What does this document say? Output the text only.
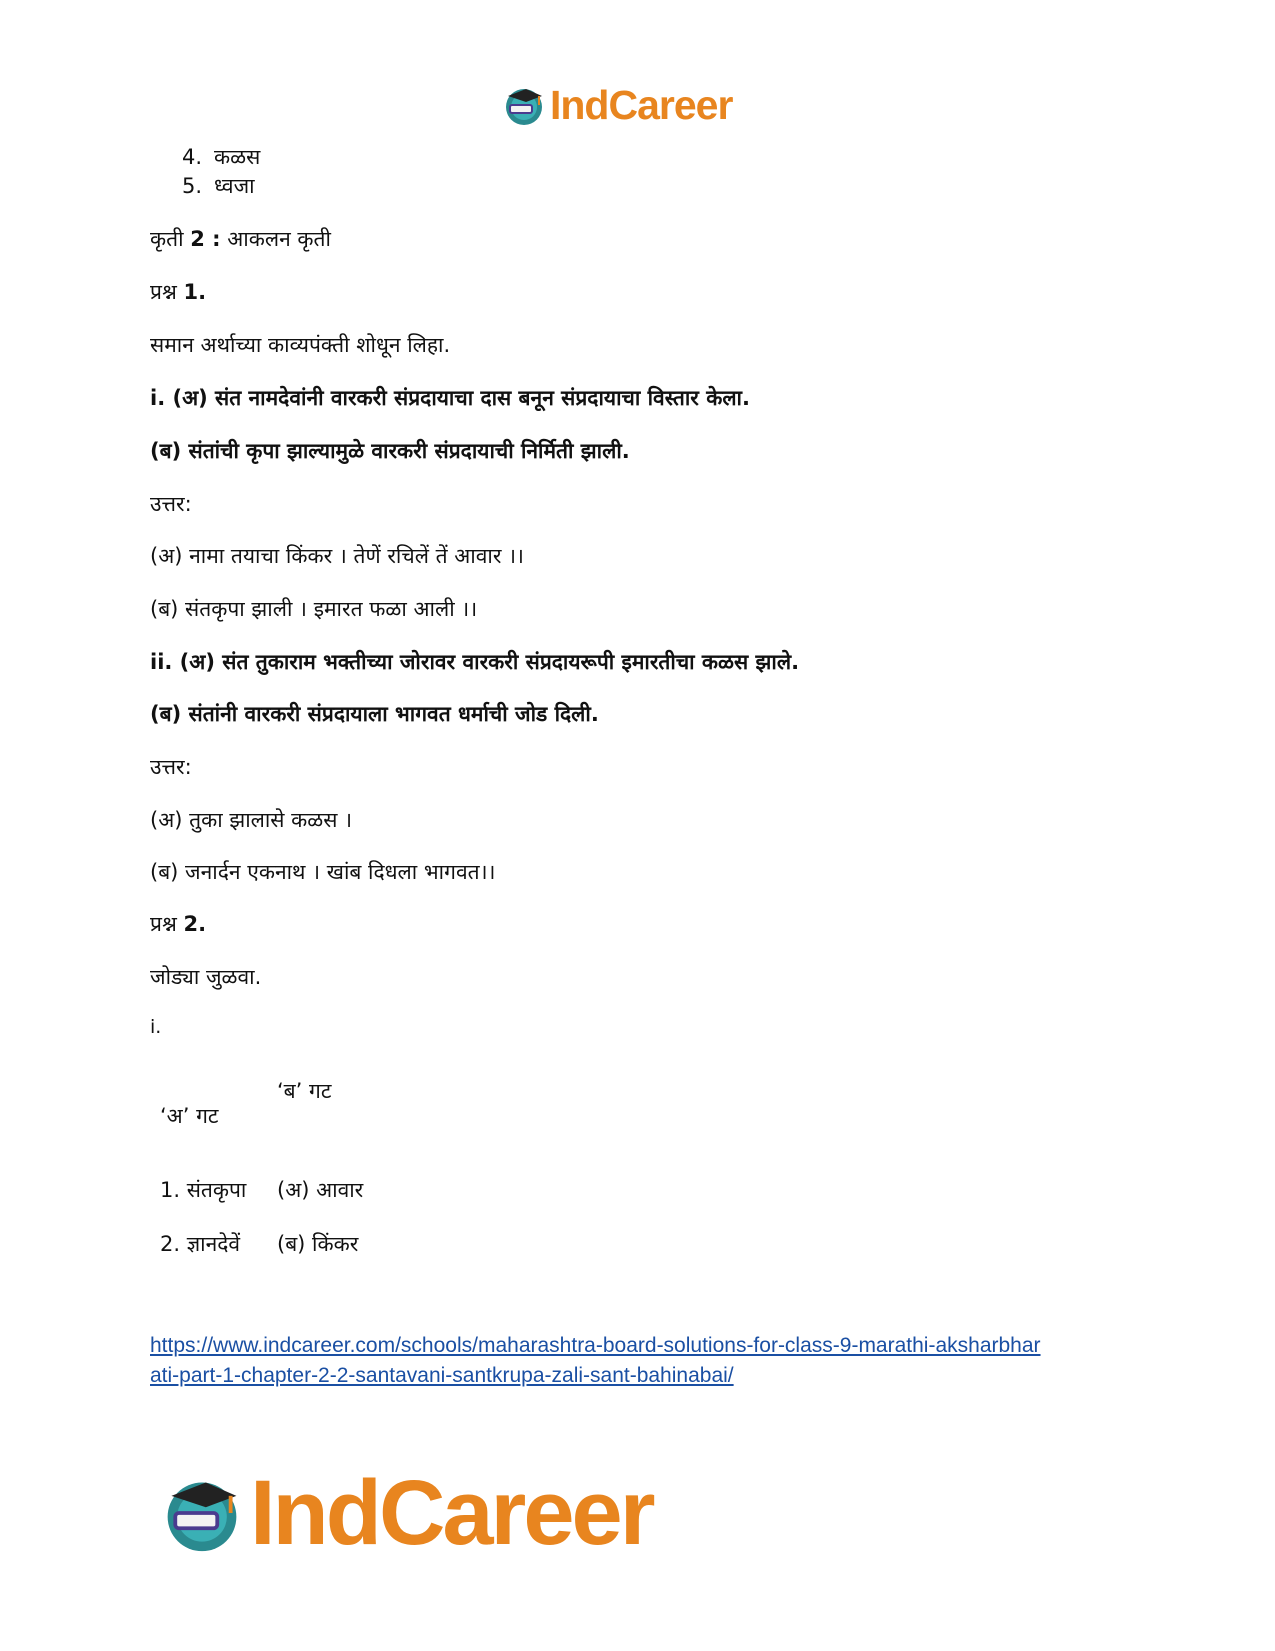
IndCareer
4. कळस
5. ध्वजा
कृती 2 : आकलन कृती
प्रश्न 1.
समान अर्थाच्या काव्यपंक्ती शोधून लिहा.
i. (अ) संत नामदेवांनी वारकरी संप्रदायाचा दास बनून संप्रदायाचा विस्तार केला.
(ब) संतांची कृपा झाल्यामुळे वारकरी संप्रदायाची निर्मिती झाली.
उत्तर:
(अ) नामा तयाचा किंकर । तेणें रचिलें तें आवार ।।
(ब) संतकृपा झाली । इमारत फळा आली ।।
ii. (अ) संत तुकाराम भक्तीच्या जोरावर वारकरी संप्रदायरूपी इमारतीचा कळस झाले.
(ब) संतांनी वारकरी संप्रदायाला भागवत धर्माची जोड दिली.
उत्तर:
(अ) तुका झालासे कळस ।
(ब) जनार्दन एकनाथ । खांब दिधला भागवत।।
प्रश्न 2.
जोड्या जुळवा.
i.
‘ब’ गट
‘अ’ गट
1. संतकृपा (अ) आवार
2. ज्ञानदेवें (ब) किंकर
https://www.indcareer.com/schools/maharashtra-board-solutions-for-class-9-marathi-aksharbhar
ati-part-1-chapter-2-2-santavani-santkrupa-zali-sant-bahinabai/
IndCareer
